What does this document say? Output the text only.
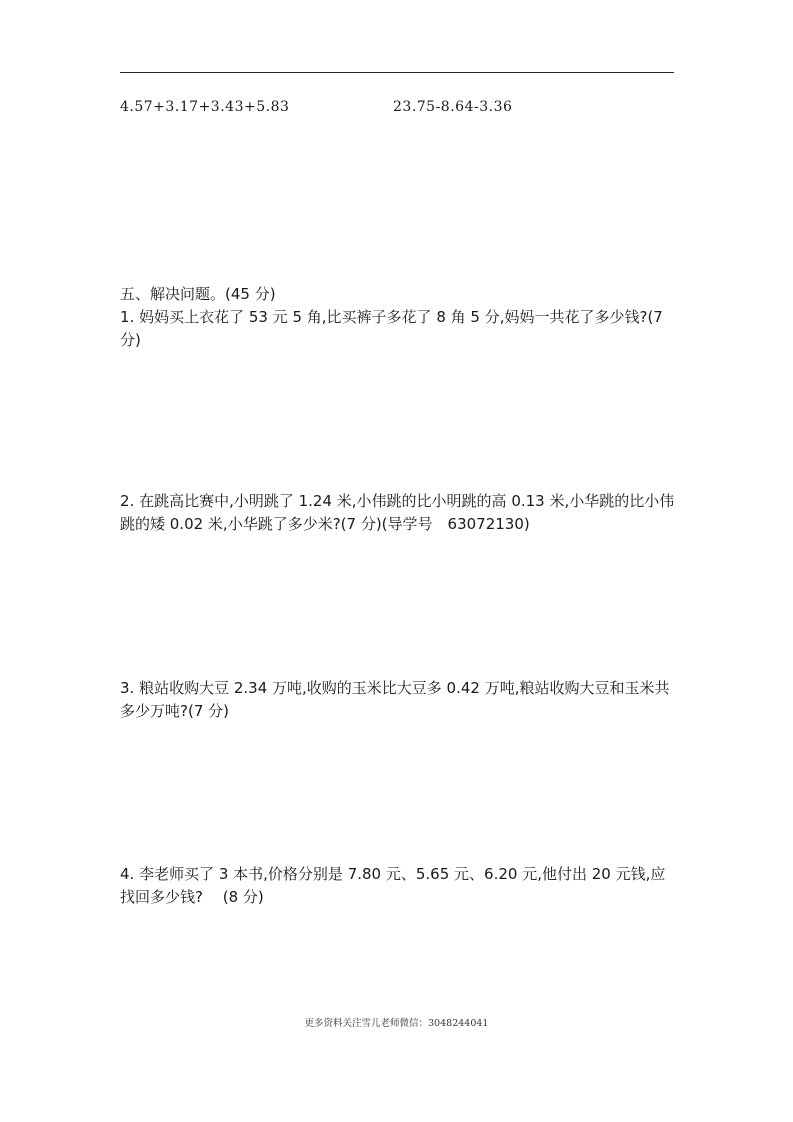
4.57+3.17+3.43+5.83	23.75-8.64-3.36
五、解决问题。(45 分)
1. 妈妈买上衣花了 53 元 5 角,比买裤子多花了 8 角 5 分,妈妈一共花了多少钱?(7 分)
2. 在跳高比赛中,小明跳了 1.24 米,小伟跳的比小明跳的高 0.13 米,小华跳的比小伟跳的矮 0.02 米,小华跳了多少米?(7 分)(导学号　63072130)
3. 粮站收购大豆 2.34 万吨,收购的玉米比大豆多 0.42 万吨,粮站收购大豆和玉米共多少万吨?(7 分)
4. 李老师买了 3 本书,价格分别是 7.80 元、5.65 元、6.20 元,他付出 20 元钱,应找回多少钱?　 (8 分)
更多资料关注雪儿老师微信：3048244041
